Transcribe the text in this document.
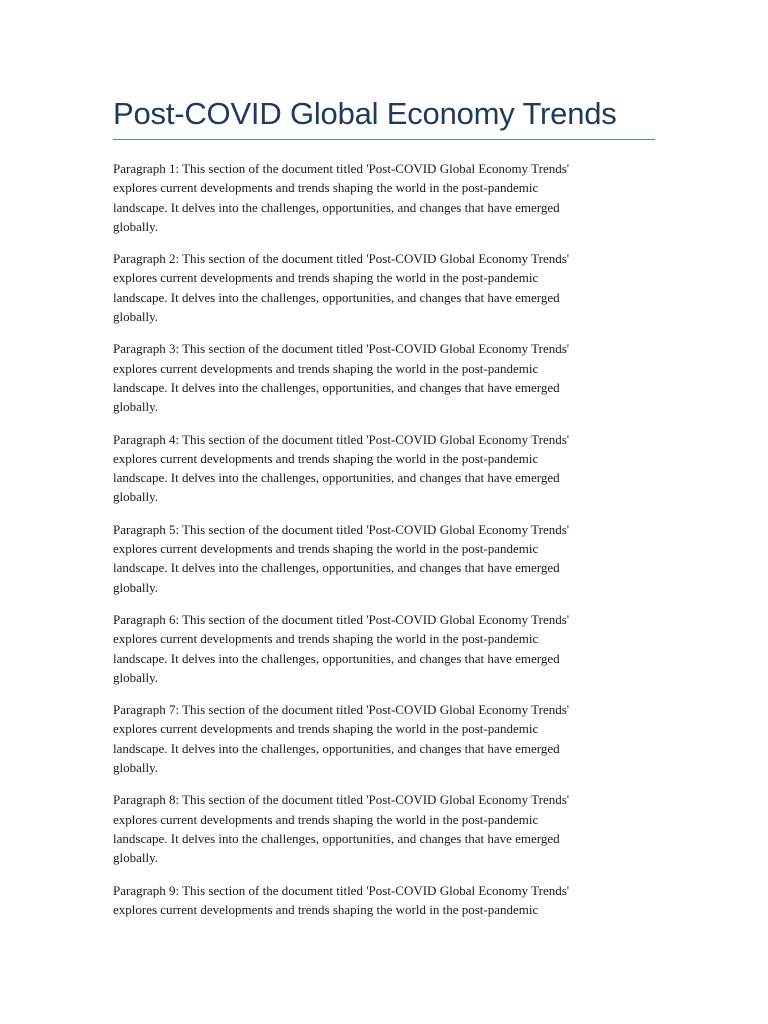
Post-COVID Global Economy Trends

Paragraph 1: This section of the document titled 'Post-COVID Global Economy Trends'
explores current developments and trends shaping the world in the post-pandemic
landscape. It delves into the challenges, opportunities, and changes that have emerged
globally.

Paragraph 2: This section of the document titled 'Post-COVID Global Economy Trends'
explores current developments and trends shaping the world in the post-pandemic
landscape. It delves into the challenges, opportunities, and changes that have emerged
globally.

Paragraph 3: This section of the document titled 'Post-COVID Global Economy Trends'
explores current developments and trends shaping the world in the post-pandemic
landscape. It delves into the challenges, opportunities, and changes that have emerged
globally.

Paragraph 4: This section of the document titled 'Post-COVID Global Economy Trends'
explores current developments and trends shaping the world in the post-pandemic
landscape. It delves into the challenges, opportunities, and changes that have emerged
globally.

Paragraph 5: This section of the document titled 'Post-COVID Global Economy Trends'
explores current developments and trends shaping the world in the post-pandemic
landscape. It delves into the challenges, opportunities, and changes that have emerged
globally.

Paragraph 6: This section of the document titled 'Post-COVID Global Economy Trends'
explores current developments and trends shaping the world in the post-pandemic
landscape. It delves into the challenges, opportunities, and changes that have emerged
globally.

Paragraph 7: This section of the document titled 'Post-COVID Global Economy Trends'
explores current developments and trends shaping the world in the post-pandemic
landscape. It delves into the challenges, opportunities, and changes that have emerged
globally.

Paragraph 8: This section of the document titled 'Post-COVID Global Economy Trends'
explores current developments and trends shaping the world in the post-pandemic
landscape. It delves into the challenges, opportunities, and changes that have emerged
globally.

Paragraph 9: This section of the document titled 'Post-COVID Global Economy Trends'
explores current developments and trends shaping the world in the post-pandemic
